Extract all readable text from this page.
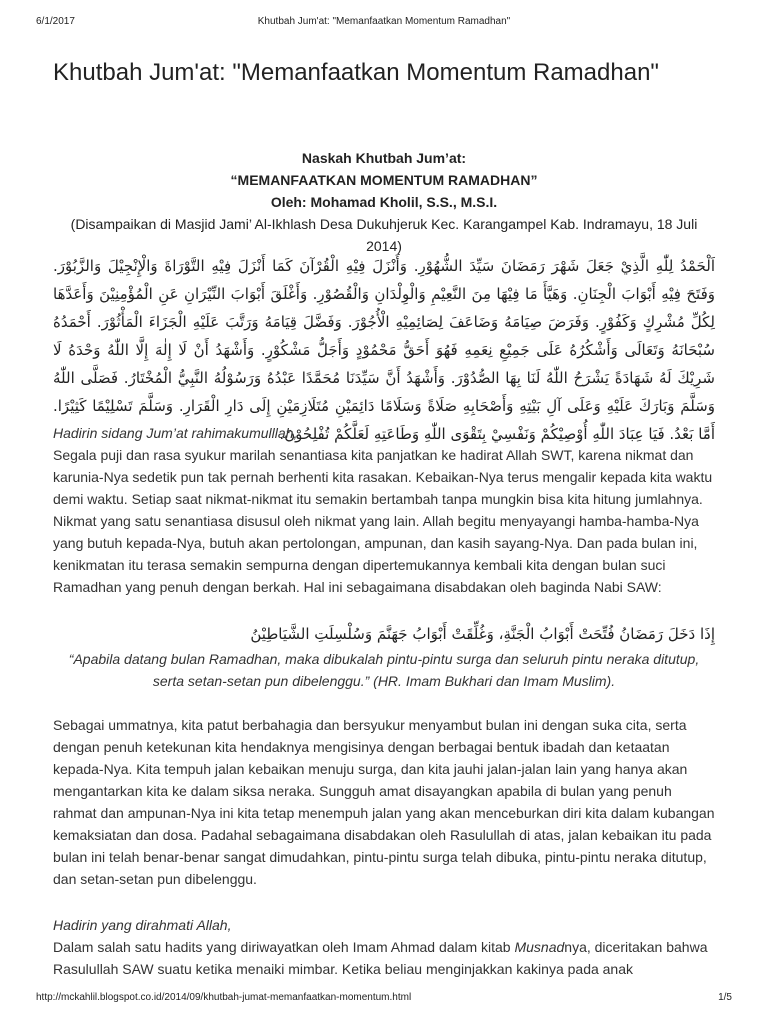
6/1/2017	Khutbah Jum'at: "Memanfaatkan Momentum Ramadhan"
Khutbah Jum'at: "Memanfaatkan Momentum Ramadhan"
Naskah Khutbah Jum’at:
“MEMANFAATKAN MOMENTUM RAMADHAN”
Oleh: Mohamad Kholil, S.S., M.S.I.
(Disampaikan di Masjid Jami’ Al-Ikhlash Desa Dukuhjeruk Kec. Karangampel Kab. Indramayu, 18 Juli 2014)
اَلْحَمْدُ لِلّٰهِ الَّذِيْ جَعَلَ شَهْرَ رَمَضَانَ سَيِّدَ الشُّهُوْرِ. وَأَنْزَلَ فِيْهِ الْقُرْآنَ كَمَا أَنْزَلَ فِيْهِ التَّوْرَاةَ وَالْإِنْجِيْلَ وَالزَّبُوْرَ. وَفَتَحَ فِيْهِ أَبْوَابَ الْجِنَانِ. وَهَيَّأَ مَا فِيْهَا مِنَ النَّعِيْمِ وَالْوِلْدَانِ وَالْقُصُوْرِ. وَأَغْلَقَ أَبْوَابَ النِّيْرَانِ عَنِ الْمُؤْمِنِيْنَ وَأَعَدَّهَا لِكُلِّ مُشْرِكٍ وَكَفُوْرٍ. وَفَرَضَ صِيَامَهُ وَضَاعَفَ لِصَائِمِيْهِ الْأُجُوْرَ. وَفَضَّلَ قِيَامَهُ وَرَتَّبَ عَلَيْهِ الْجَزَاءَ الْمَأْثُوْرَ. أَحْمَدُهُ سُبْحَانَهُ وَتَعَالَى وَأَشْكُرُهُ عَلَى جَمِيْعِ نِعَمِهِ فَهُوَ أَحَقُّ مَحْمُوْدٍ وَأَجَلُّ مَشْكُوْرٍ. وَأَشْهَدُ أَنْ لَا إِلٰهَ إِلَّا اللّٰهُ وَحْدَهُ لَا شَرِيْكَ لَهُ شَهَادَةً يَشْرَحُ اللّٰهُ لَنَا بِهَا الصُّدُوْرَ. وَأَشْهَدُ أَنَّ سَيِّدَنَا مُحَمَّدًا عَبْدُهُ وَرَسُوْلُهُ النَّبِيُّ الْمُخْتَارُ. فَصَلَّى اللّٰهُ وَسَلَّمَ وَبَارَكَ عَلَيْهِ وَعَلَى آلِ بَيْتِهِ وَأَصْحَابِهِ صَلَاةً وَسَلَامًا دَائِمَيْنِ مُتَلَازِمَيْنِ إِلَى دَارِ الْقَرَارِ. وَسَلَّمَ تَسْلِيْمًا كَثِيْرًا. أَمَّا بَعْدُ. فَيَا عِبَادَ اللّٰهِ أُوْصِيْكُمْ وَنَفْسِيْ بِتَقْوَى اللّٰهِ وَطَاعَتِهِ لَعَلَّكُمْ تُفْلِحُوْنَ.
Hadirin sidang Jum’at rahimakumulllah,
Segala puji dan rasa syukur marilah senantiasa kita panjatkan ke hadirat Allah SWT, karena nikmat dan karunia-Nya sedetik pun tak pernah berhenti kita rasakan. Kebaikan-Nya terus mengalir kepada kita waktu demi waktu. Setiap saat nikmat-nikmat itu semakin bertambah tanpa mungkin bisa kita hitung jumlahnya. Nikmat yang satu senantiasa disusul oleh nikmat yang lain. Allah begitu menyayangi hamba-hamba-Nya yang butuh kepada-Nya, butuh akan pertolongan, ampunan, dan kasih sayang-Nya. Dan pada bulan ini, kenikmatan itu terasa semakin sempurna dengan dipertemukannya kembali kita dengan bulan suci Ramadhan yang penuh dengan berkah. Hal ini sebagaimana disabdakan oleh baginda Nabi SAW:
إِذَا دَخَلَ رَمَضَانُ فُتِّحَتْ أَبْوَابُ الْجَنَّةِ، وَغُلِّقَتْ أَبْوَابُ جَهَنَّمَ وَسُلْسِلَتِ الشَّيَاطِيْنُ
“Apabila datang bulan Ramadhan, maka dibukalah pintu-pintu surga dan seluruh pintu neraka ditutup, serta setan-setan pun dibelenggu.” (HR. Imam Bukhari dan Imam Muslim).
Sebagai ummatnya, kita patut berbahagia dan bersyukur menyambut bulan ini dengan suka cita, serta dengan penuh ketekunan kita hendaknya mengisinya dengan berbagai bentuk ibadah dan ketaatan kepada-Nya. Kita tempuh jalan kebaikan menuju surga, dan kita jauhi jalan-jalan lain yang hanya akan mengantarkan kita ke dalam siksa neraka. Sungguh amat disayangkan apabila di bulan yang penuh rahmat dan ampunan-Nya ini kita tetap menempuh jalan yang akan menceburkan diri kita dalam kubangan kemaksiatan dan dosa. Padahal sebagaimana disabdakan oleh Rasulullah di atas, jalan kebaikan itu pada bulan ini telah benar-benar sangat dimudahkan, pintu-pintu surga telah dibuka, pintu-pintu neraka ditutup, dan setan-setan pun dibelenggu.
Hadirin yang dirahmati Allah,
Dalam salah satu hadits yang diriwayatkan oleh Imam Ahmad dalam kitab Musnadnya, diceritakan bahwa Rasulullah SAW suatu ketika menaiki mimbar. Ketika beliau menginjakkan kakinya pada anak
http://mckahlil.blogspot.co.id/2014/09/khutbah-jumat-memanfaatkan-momentum.html	1/5
